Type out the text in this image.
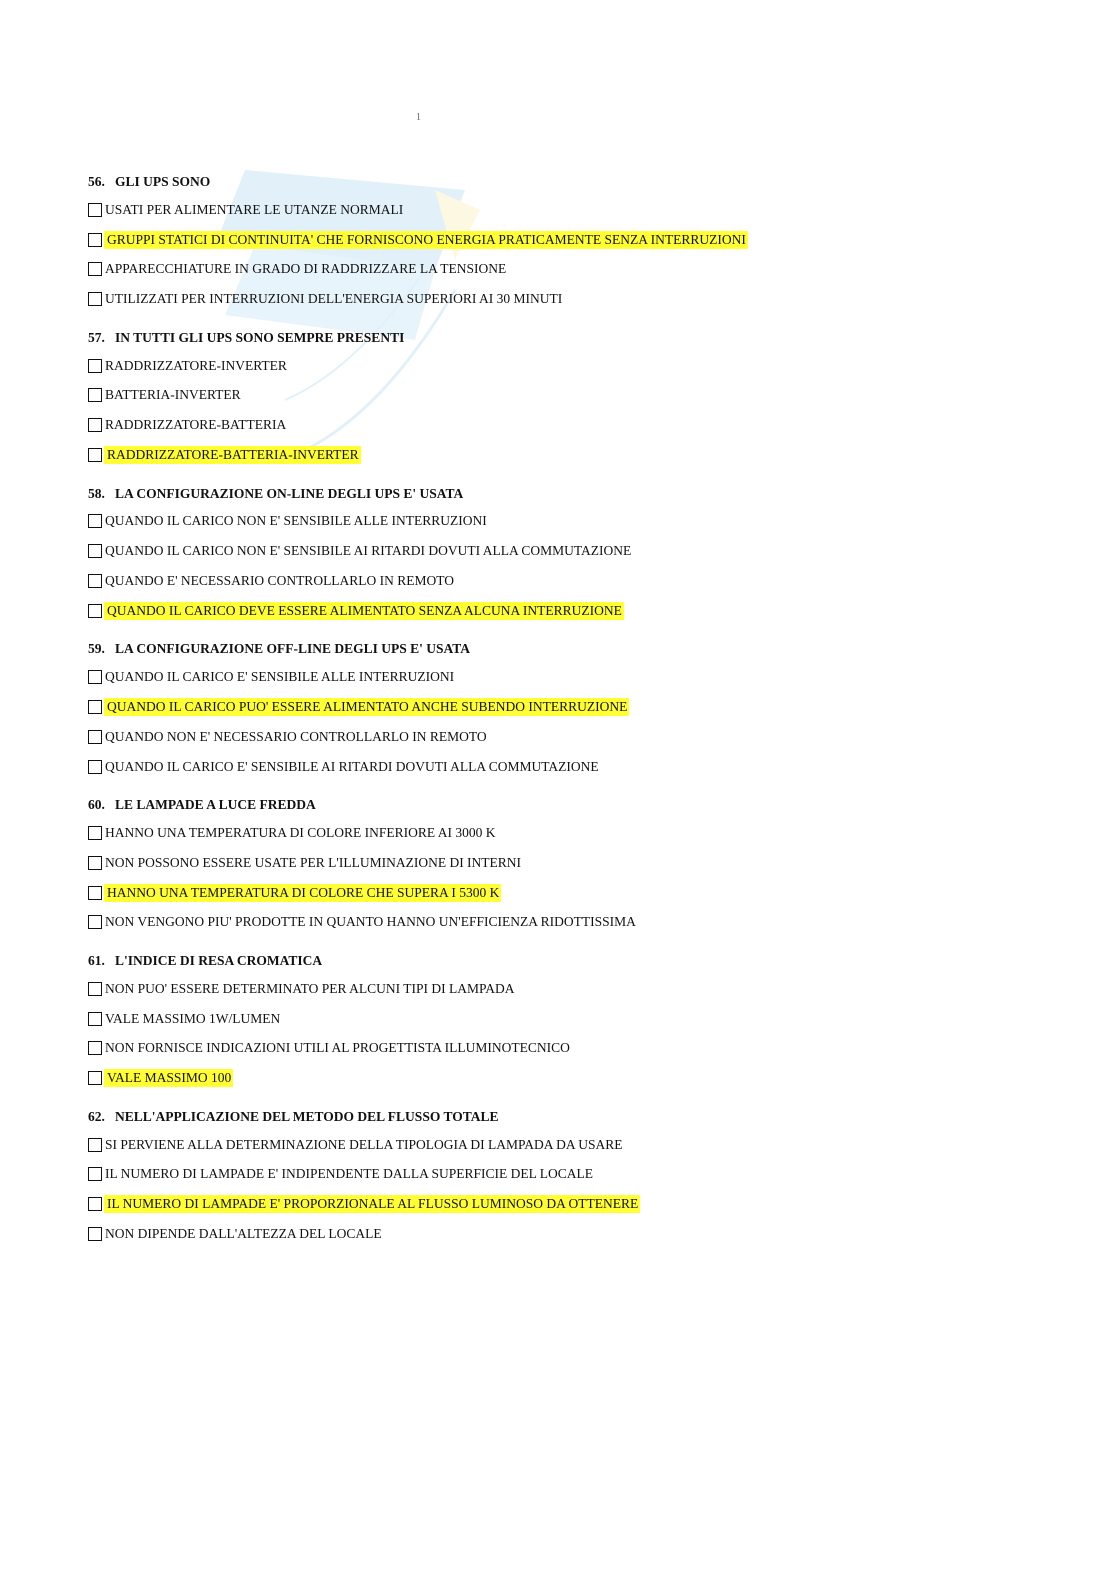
1
56. GLI UPS SONO
USATI PER ALIMENTARE LE UTANZE NORMALI
GRUPPI STATICI DI CONTINUITA' CHE FORNISCONO ENERGIA PRATICAMENTE SENZA INTERRUZIONI
APPARECCHIATURE IN GRADO DI RADDRIZZARE LA TENSIONE
UTILIZZATI PER INTERRUZIONI DELL'ENERGIA SUPERIORI AI 30 MINUTI
57. IN TUTTI GLI UPS SONO SEMPRE PRESENTI
RADDRIZZATORE-INVERTER
BATTERIA-INVERTER
RADDRIZZATORE-BATTERIA
RADDRIZZATORE-BATTERIA-INVERTER
58. LA CONFIGURAZIONE ON-LINE DEGLI UPS E' USATA
QUANDO IL CARICO NON E' SENSIBILE ALLE INTERRUZIONI
QUANDO IL CARICO NON E' SENSIBILE AI RITARDI DOVUTI ALLA COMMUTAZIONE
QUANDO E' NECESSARIO CONTROLLARLO IN REMOTO
QUANDO IL CARICO DEVE ESSERE ALIMENTATO SENZA ALCUNA INTERRUZIONE
59. LA CONFIGURAZIONE OFF-LINE DEGLI UPS E' USATA
QUANDO IL CARICO E' SENSIBILE ALLE INTERRUZIONI
QUANDO IL CARICO PUO' ESSERE ALIMENTATO ANCHE SUBENDO INTERRUZIONE
QUANDO NON E' NECESSARIO CONTROLLARLO IN REMOTO
QUANDO IL CARICO E' SENSIBILE AI RITARDI DOVUTI ALLA COMMUTAZIONE
60. LE LAMPADE A LUCE FREDDA
HANNO UNA TEMPERATURA DI COLORE INFERIORE AI 3000 K
NON POSSONO ESSERE USATE PER L'ILLUMINAZIONE DI INTERNI
HANNO UNA TEMPERATURA DI COLORE CHE SUPERA I 5300 K
NON VENGONO PIU' PRODOTTE IN QUANTO HANNO UN'EFFICIENZA RIDOTTISSIMA
61. L'INDICE DI RESA CROMATICA
NON PUO' ESSERE DETERMINATO PER ALCUNI TIPI DI LAMPADA
VALE MASSIMO 1W/LUMEN
NON FORNISCE INDICAZIONI UTILI AL PROGETTISTA ILLUMINOTECNICO
VALE MASSIMO 100
62. NELL'APPLICAZIONE DEL METODO DEL FLUSSO TOTALE
SI PERVIENE ALLA DETERMINAZIONE DELLA TIPOLOGIA DI LAMPADA DA USARE
IL NUMERO DI LAMPADE E' INDIPENDENTE DALLA SUPERFICIE DEL LOCALE
IL NUMERO DI LAMPADE E' PROPORZIONALE AL FLUSSO LUMINOSO DA OTTENERE
NON DIPENDE DALL'ALTEZZA DEL LOCALE
